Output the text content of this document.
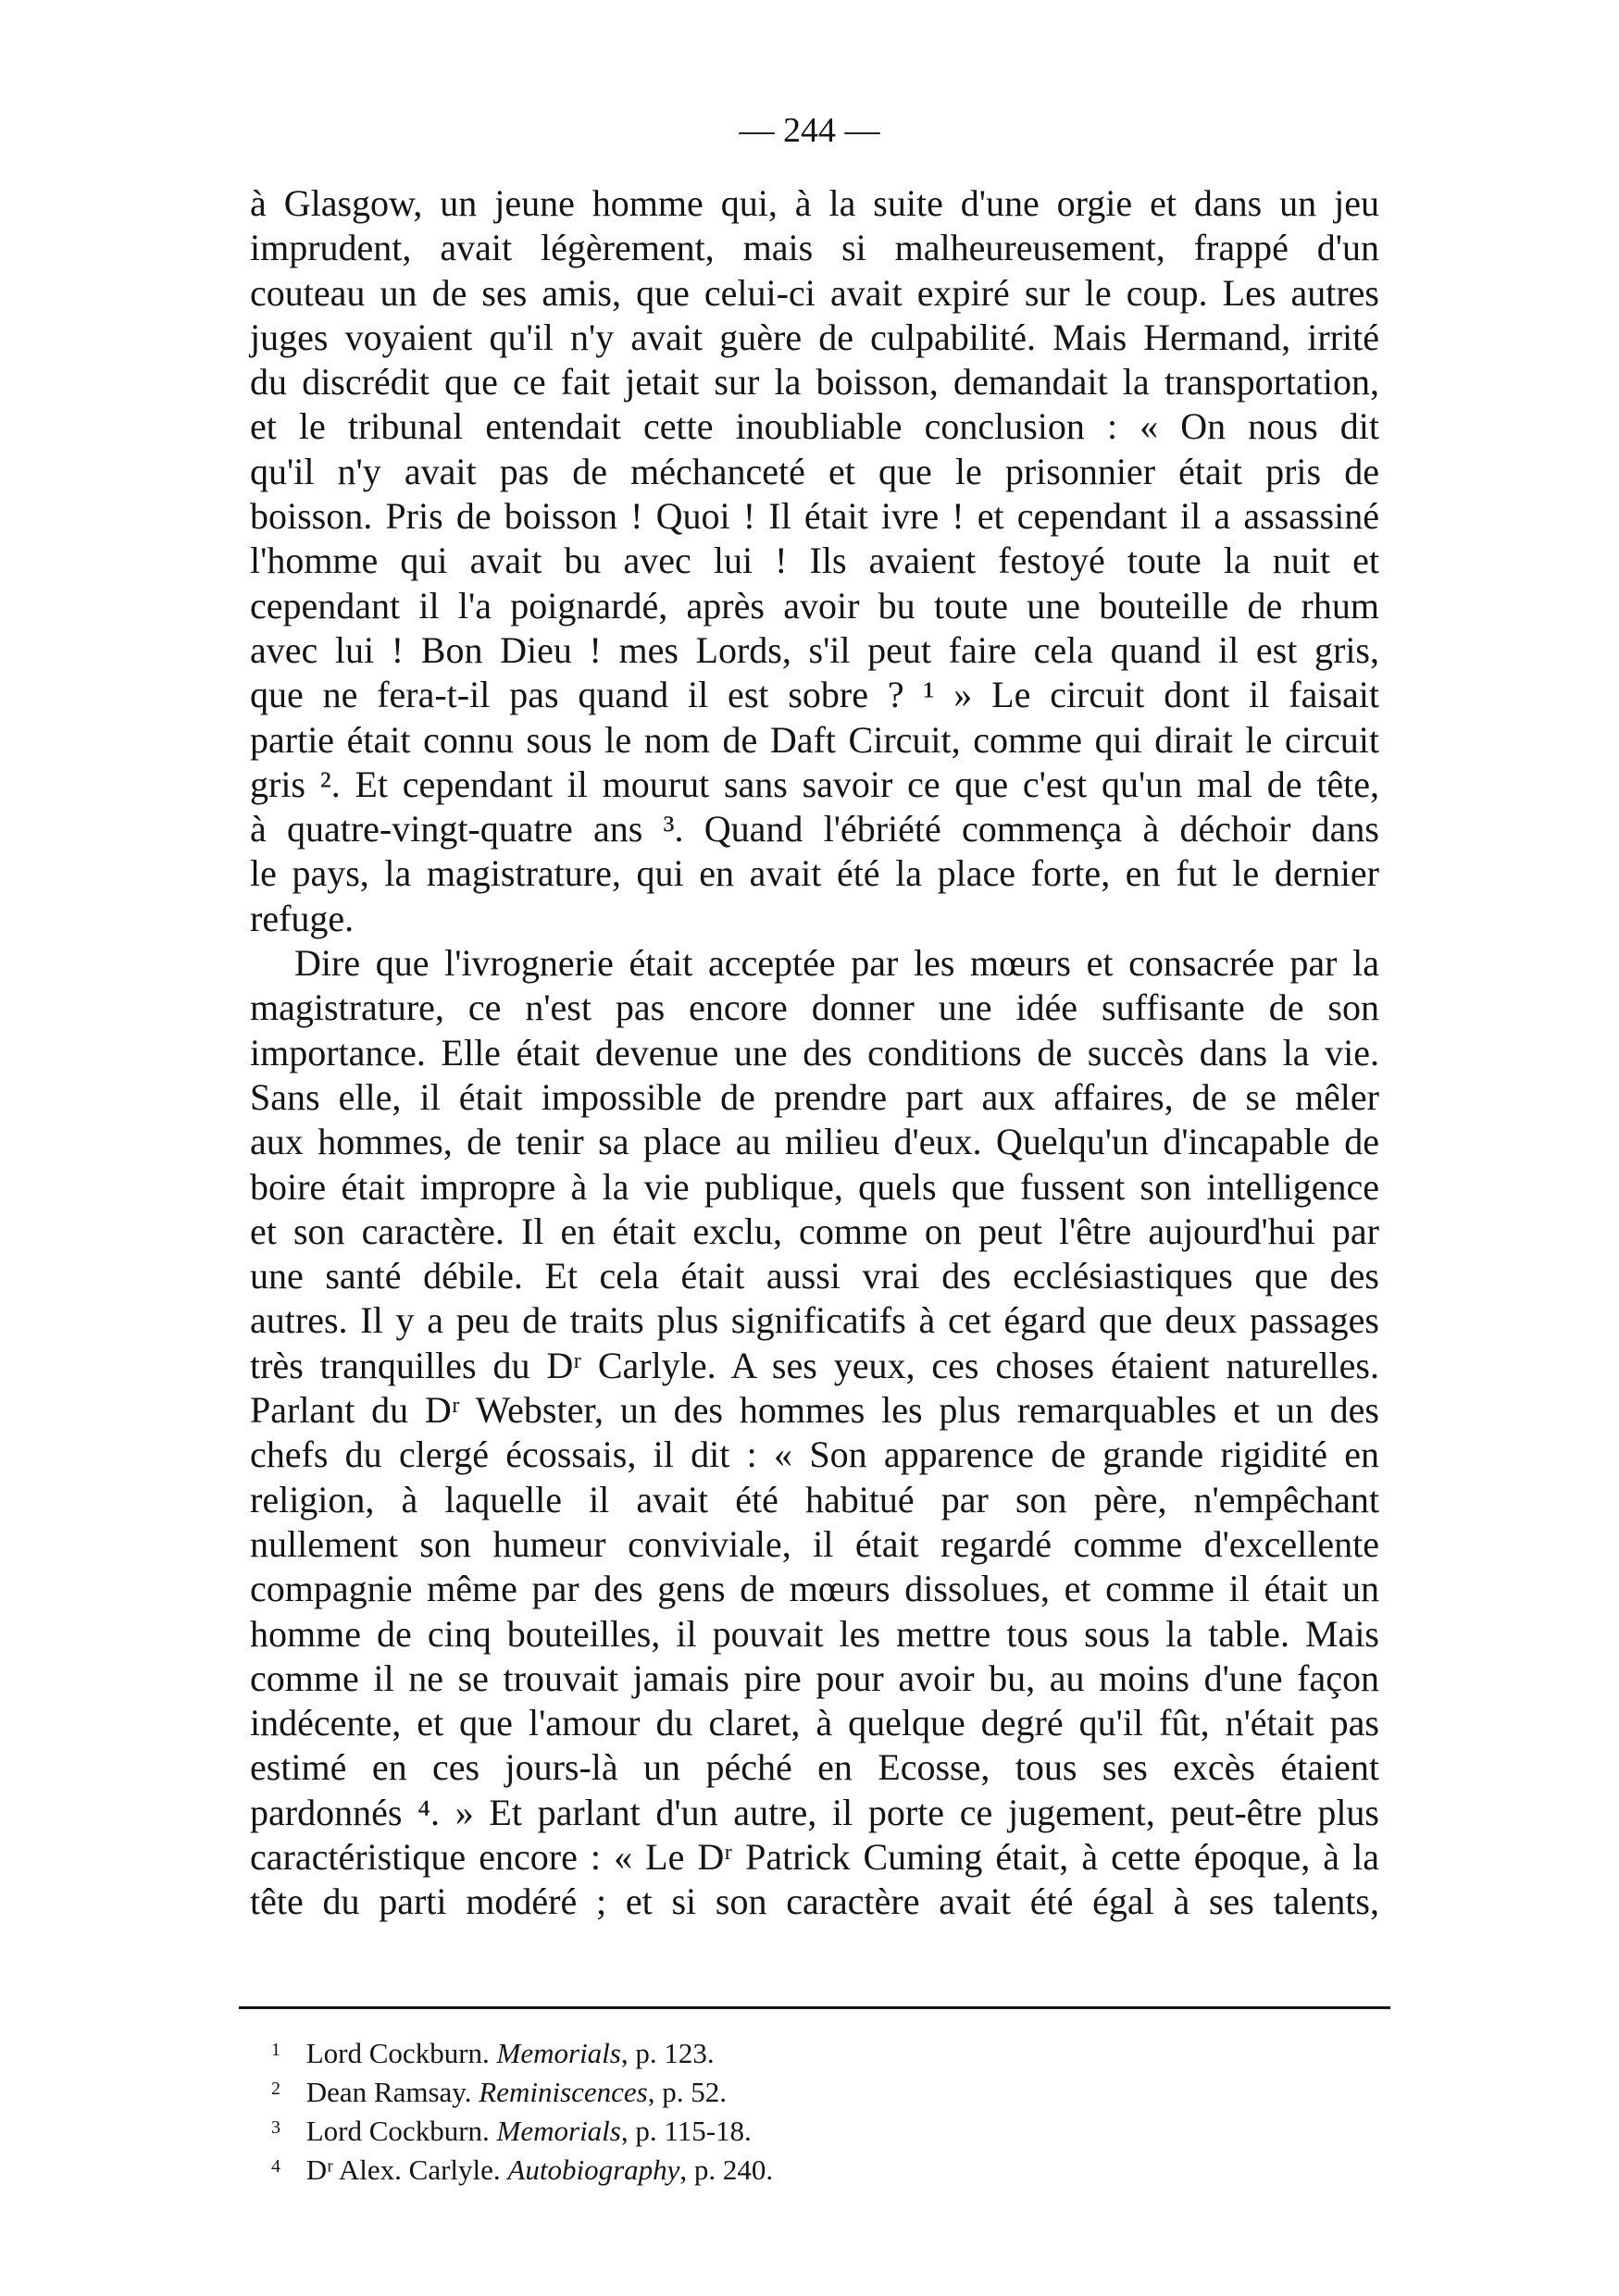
— 244 —
à Glasgow, un jeune homme qui, à la suite d'une orgie et dans un jeu
imprudent, avait légèrement, mais si malheureusement, frappé d'un
couteau un de ses amis, que celui-ci avait expiré sur le coup. Les autres
juges voyaient qu'il n'y avait guère de culpabilité. Mais Hermand, irrité
du discrédit que ce fait jetait sur la boisson, demandait la transportation,
et le tribunal entendait cette inoubliable conclusion : « On nous dit
qu'il n'y avait pas de méchanceté et que le prisonnier était pris de
boisson. Pris de boisson ! Quoi ! Il était ivre ! et cependant il a assassiné
l'homme qui avait bu avec lui ! Ils avaient festoyé toute la nuit et
cependant il l'a poignardé, après avoir bu toute une bouteille de rhum
avec lui ! Bon Dieu ! mes Lords, s'il peut faire cela quand il est gris,
que ne fera-t-il pas quand il est sobre ? ¹ » Le circuit dont il faisait
partie était connu sous le nom de Daft Circuit, comme qui dirait le circuit
gris ². Et cependant il mourut sans savoir ce que c'est qu'un mal de tête,
à quatre-vingt-quatre ans ³. Quand l'ébriété commença à déchoir dans
le pays, la magistrature, qui en avait été la place forte, en fut le dernier
refuge.
Dire que l'ivrognerie était acceptée par les mœurs et consacrée par la
magistrature, ce n'est pas encore donner une idée suffisante de son
importance. Elle était devenue une des conditions de succès dans la vie.
Sans elle, il était impossible de prendre part aux affaires, de se mêler
aux hommes, de tenir sa place au milieu d'eux. Quelqu'un d'incapable de
boire était impropre à la vie publique, quels que fussent son intelligence
et son caractère. Il en était exclu, comme on peut l'être aujourd'hui par
une santé débile. Et cela était aussi vrai des ecclésiastiques que des
autres. Il y a peu de traits plus significatifs à cet égard que deux passages
très tranquilles du Dʳ Carlyle. A ses yeux, ces choses étaient naturelles.
Parlant du Dʳ Webster, un des hommes les plus remarquables et un des
chefs du clergé écossais, il dit : « Son apparence de grande rigidité en
religion, à laquelle il avait été habitué par son père, n'empêchant
nullement son humeur conviviale, il était regardé comme d'excellente
compagnie même par des gens de mœurs dissolues, et comme il était un
homme de cinq bouteilles, il pouvait les mettre tous sous la table. Mais
comme il ne se trouvait jamais pire pour avoir bu, au moins d'une façon
indécente, et que l'amour du claret, à quelque degré qu'il fût, n'était pas
estimé en ces jours-là un péché en Ecosse, tous ses excès étaient
pardonnés ⁴. » Et parlant d'un autre, il porte ce jugement, peut-être plus
caractéristique encore : « Le Dʳ Patrick Cuming était, à cette époque, à la
tête du parti modéré ; et si son caractère avait été égal à ses talents,
1 Lord Cockburn. Memorials, p. 123.
2 Dean Ramsay. Reminiscences, p. 52.
3 Lord Cockburn. Memorials, p. 115-18.
4 Dʳ Alex. Carlyle. Autobiography, p. 240.
